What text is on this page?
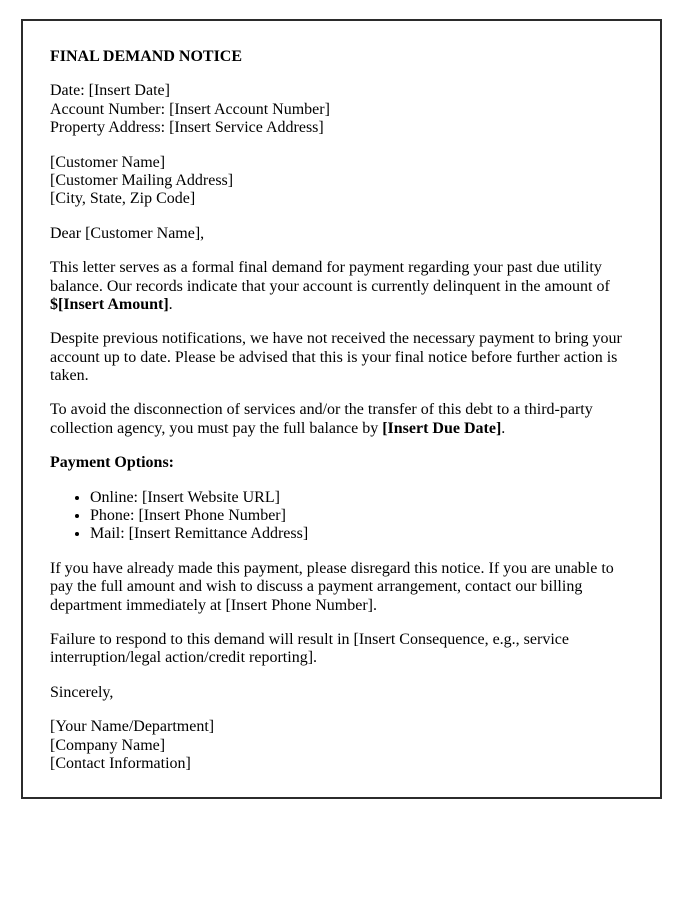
FINAL DEMAND NOTICE

Date: [Insert Date]
Account Number: [Insert Account Number]
Property Address: [Insert Service Address]

[Customer Name]
[Customer Mailing Address]
[City, State, Zip Code]

Dear [Customer Name],

This letter serves as a formal final demand for payment regarding your past due utility balance. Our records indicate that your account is currently delinquent in the amount of $[Insert Amount].

Despite previous notifications, we have not received the necessary payment to bring your account up to date. Please be advised that this is your final notice before further action is taken.

To avoid the disconnection of services and/or the transfer of this debt to a third-party collection agency, you must pay the full balance by [Insert Due Date].

Payment Options:

• Online: [Insert Website URL]
• Phone: [Insert Phone Number]
• Mail: [Insert Remittance Address]

If you have already made this payment, please disregard this notice. If you are unable to pay the full amount and wish to discuss a payment arrangement, contact our billing department immediately at [Insert Phone Number].

Failure to respond to this demand will result in [Insert Consequence, e.g., service interruption/legal action/credit reporting].

Sincerely,

[Your Name/Department]
[Company Name]
[Contact Information]
